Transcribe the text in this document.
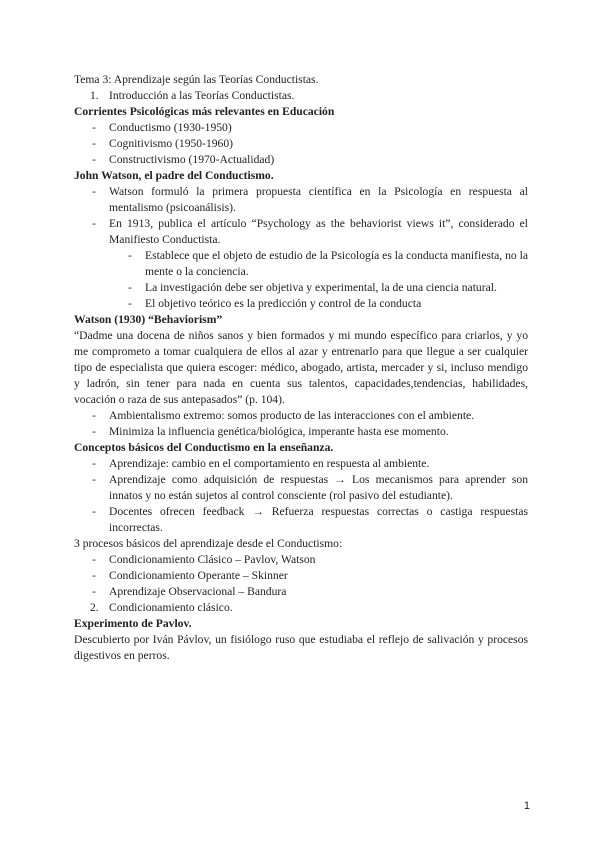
Tema 3: Aprendizaje según las Teorías Conductistas.

1. Introducción a las Teorías Conductistas.

Corrientes Psicológicas más relevantes en Educación

- Conductismo (1930-1950)
- Cognitivismo (1950-1960)
- Constructivismo (1970-Actualidad)

John Watson, el padre del Conductismo.

- Watson formuló la primera propuesta científica en la Psicología en respuesta al mentalismo (psicoanálisis).
- En 1913, publica el artículo “Psychology as the behaviorist views it”, considerado el Manifiesto Conductista.
- Establece que el objeto de estudio de la Psicología es la conducta manifiesta, no la mente o la conciencia.
- La investigación debe ser objetiva y experimental, la de una ciencia natural.
- El objetivo teórico es la predicción y control de la conducta

Watson (1930) “Behaviorism”

“Dadme una docena de niños sanos y bien formados y mi mundo específico para criarlos, y yo me comprometo a tomar cualquiera de ellos al azar y entrenarlo para que llegue a ser cualquier tipo de especialista que quiera escoger: médico, abogado, artista, mercader y si, incluso mendigo y ladrón, sin tener para nada en cuenta sus talentos, capacidades,tendencias, habilidades, vocación o raza de sus antepasados” (p. 104).

- Ambientalismo extremo: somos producto de las interacciones con el ambiente.
- Minimiza la influencia genética/biológica, imperante hasta ese momento.

Conceptos básicos del Conductismo en la enseñanza.

- Aprendizaje: cambio en el comportamiento en respuesta al ambiente.
- Aprendizaje como adquisición de respuestas → Los mecanismos para aprender son innatos y no están sujetos al control consciente (rol pasivo del estudiante).
- Docentes ofrecen feedback → Refuerza respuestas correctas o castiga respuestas incorrectas.

3 procesos básicos del aprendizaje desde el Conductismo:

- Condicionamiento Clásico – Pavlov, Watson
- Condicionamiento Operante – Skinner
- Aprendizaje Observacional – Bandura
2. Condicionamiento clásico.

Experimento de Pavlov.

Descubierto por Iván Pávlov, un fisiólogo ruso que estudiaba el reflejo de salivación y procesos digestivos en perros.

1
